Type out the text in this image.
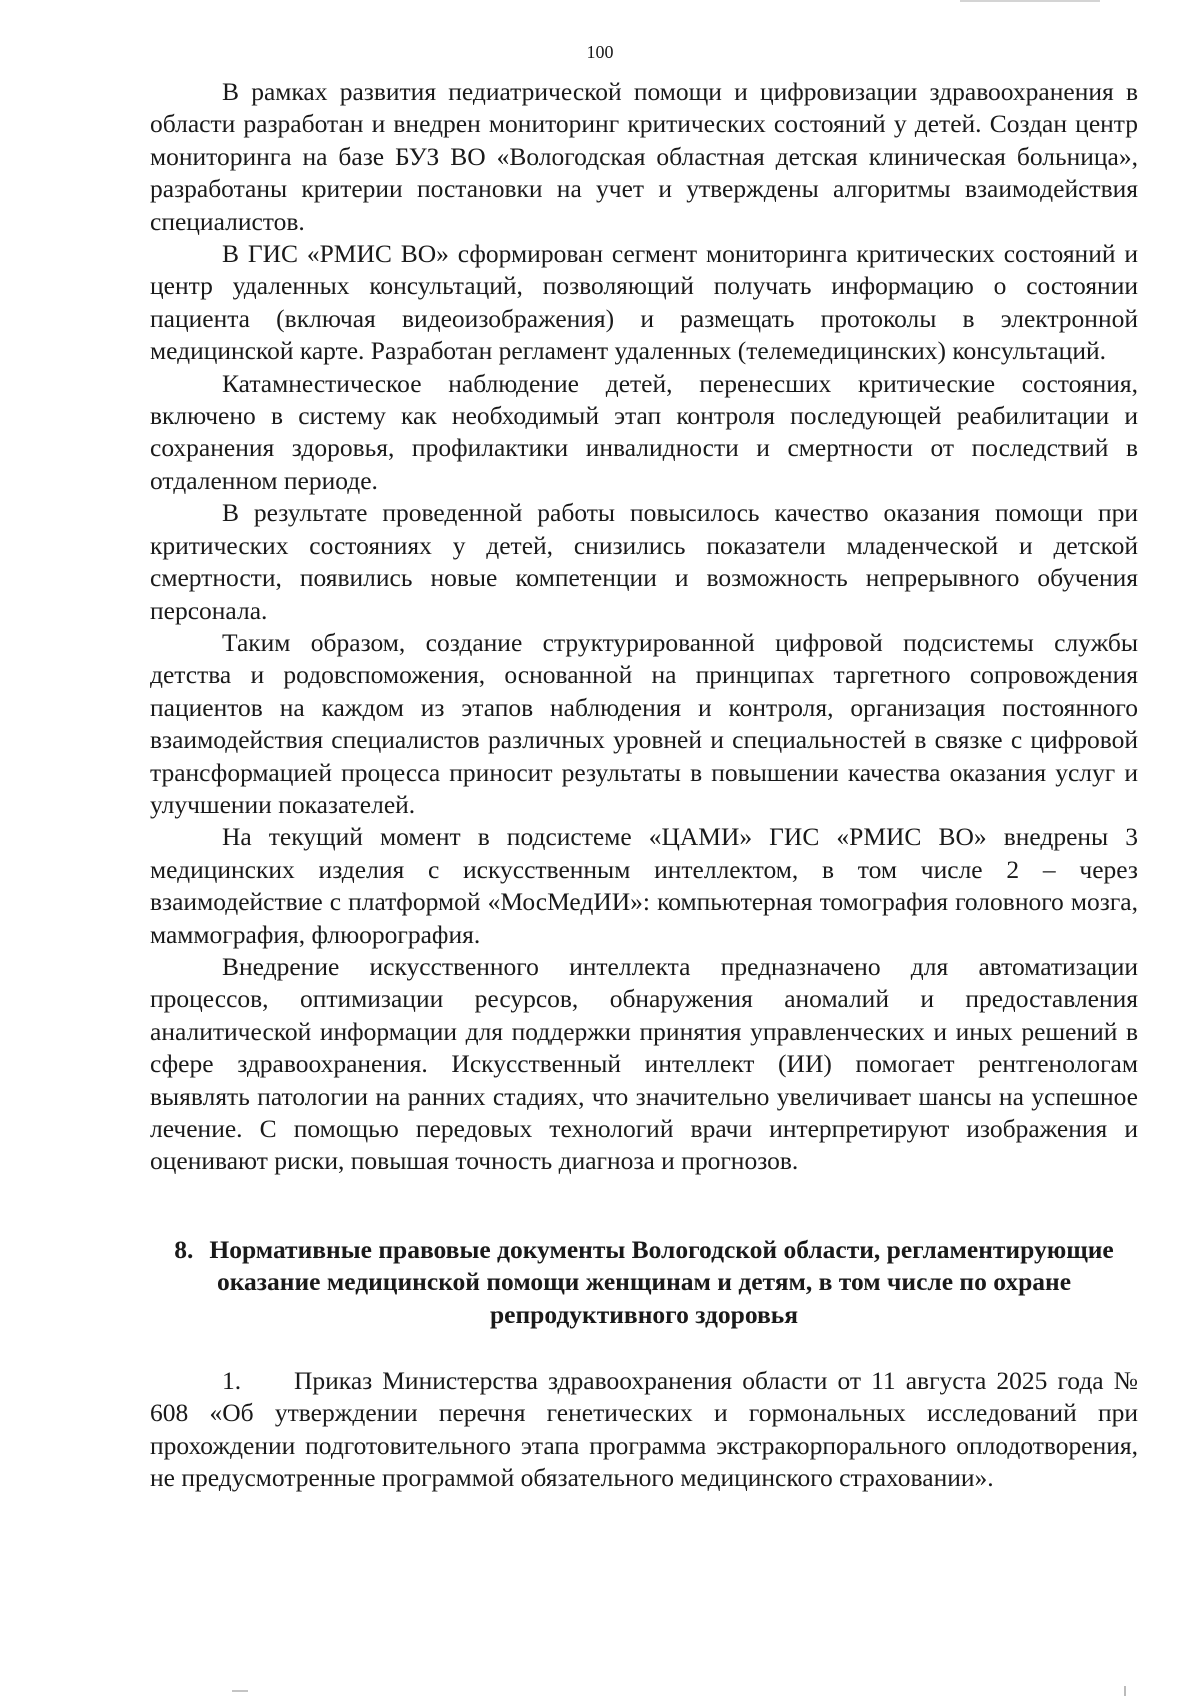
100

В рамках развития педиатрической помощи и цифровизации здравоохранения в области разработан и внедрен мониторинг критических состояний у детей. Создан центр мониторинга на базе БУЗ ВО «Вологодская областная детская клиническая больница», разработаны критерии постановки на учет и утверждены алгоритмы взаимодействия специалистов.

В ГИС «РМИС ВО» сформирован сегмент мониторинга критических состояний и центр удаленных консультаций, позволяющий получать информацию о состоянии пациента (включая видеоизображения) и размещать протоколы в электронной медицинской карте. Разработан регламент удаленных (телемедицинских) консультаций.

Катамнестическое наблюдение детей, перенесших критические состояния, включено в систему как необходимый этап контроля последующей реабилитации и сохранения здоровья, профилактики инвалидности и смертности от последствий в отдаленном периоде.

В результате проведенной работы повысилось качество оказания помощи при критических состояниях у детей, снизились показатели младенческой и детской смертности, появились новые компетенции и возможность непрерывного обучения персонала.

Таким образом, создание структурированной цифровой подсистемы службы детства и родовспоможения, основанной на принципах таргетного сопровождения пациентов на каждом из этапов наблюдения и контроля, организация постоянного взаимодействия специалистов различных уровней и специальностей в связке с цифровой трансформацией процесса приносит результаты в повышении качества оказания услуг и улучшении показателей.

На текущий момент в подсистеме «ЦАМИ» ГИС «РМИС ВО» внедрены 3 медицинских изделия с искусственным интеллектом, в том числе 2 – через взаимодействие с платформой «МосМедИИ»: компьютерная томография головного мозга, маммография, флюорография.

Внедрение искусственного интеллекта предназначено для автоматизации процессов, оптимизации ресурсов, обнаружения аномалий и предоставления аналитической информации для поддержки принятия управленческих и иных решений в сфере здравоохранения. Искусственный интеллект (ИИ) помогает рентгенологам выявлять патологии на ранних стадиях, что значительно увеличивает шансы на успешное лечение. С помощью передовых технологий врачи интерпретируют изображения и оценивают риски, повышая точность диагноза и прогнозов.

8. Нормативные правовые документы Вологодской области, регламентирующие оказание медицинской помощи женщинам и детям, в том числе по охране репродуктивного здоровья

1. Приказ Министерства здравоохранения области от 11 августа 2025 года № 608 «Об утверждении перечня генетических и гормональных исследований при прохождении подготовительного этапа программа экстракорпорального оплодотворения, не предусмотренные программой обязательного медицинского страховании».
